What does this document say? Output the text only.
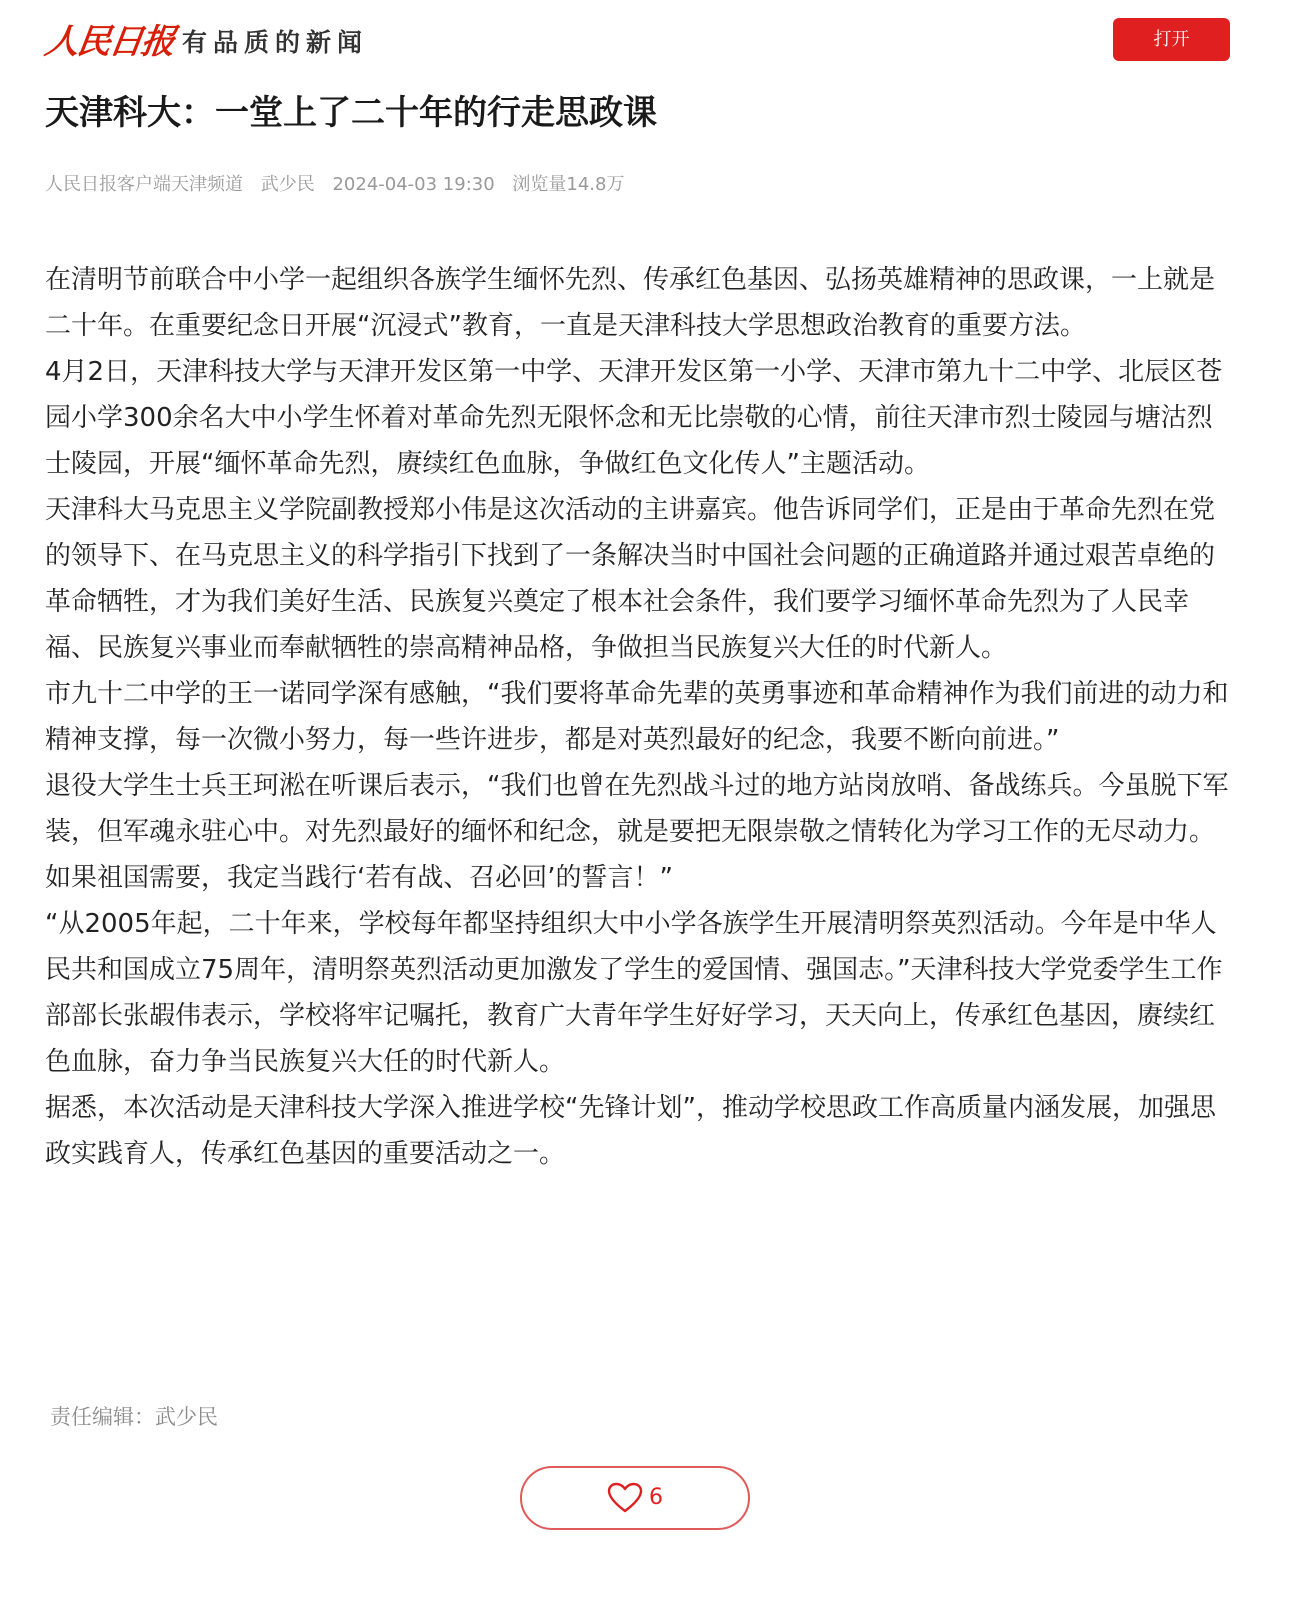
人民日报 有品质的新闻	打开
天津科大：一堂上了二十年的行走思政课
人民日报客户端天津频道 武少民 2024-04-03 19:30 浏览量14.8万

在清明节前联合中小学一起组织各族学生缅怀先烈、传承红色基因、弘扬英雄精神的思政课，一上就是二十年。在重要纪念日开展“沉浸式”教育，一直是天津科技大学思想政治教育的重要方法。

4月2日，天津科技大学与天津开发区第一中学、天津开发区第一小学、天津市第九十二中学、北辰区苍园小学300余名大中小学生怀着对革命先烈无限怀念和无比崇敬的心情，前往天津市烈士陵园与塘沽烈士陵园，开展“缅怀革命先烈，赓续红色血脉，争做红色文化传人”主题活动。

天津科大马克思主义学院副教授郑小伟是这次活动的主讲嘉宾。他告诉同学们，正是由于革命先烈在党的领导下、在马克思主义的科学指引下找到了一条解决当时中国社会问题的正确道路并通过艰苦卓绝的革命牺牲，才为我们美好生活、民族复兴奠定了根本社会条件，我们要学习缅怀革命先烈为了人民幸福、民族复兴事业而奉献牺牲的崇高精神品格，争做担当民族复兴大任的时代新人。

市九十二中学的王一诺同学深有感触，“我们要将革命先辈的英勇事迹和革命精神作为我们前进的动力和精神支撑，每一次微小努力，每一些许进步，都是对英烈最好的纪念，我要不断向前进。”

退役大学生士兵王珂淞在听课后表示，“我们也曾在先烈战斗过的地方站岗放哨、备战练兵。今虽脱下军装，但军魂永驻心中。对先烈最好的缅怀和纪念，就是要把无限崇敬之情转化为学习工作的无尽动力。如果祖国需要，我定当践行‘若有战、召必回’的誓言！”

“从2005年起，二十年来，学校每年都坚持组织大中小学各族学生开展清明祭英烈活动。今年是中华人民共和国成立75周年，清明祭英烈活动更加激发了学生的爱国情、强国志。”天津科技大学党委学生工作部部长张嘏伟表示，学校将牢记嘱托，教育广大青年学生好好学习，天天向上，传承红色基因，赓续红色血脉，奋力争当民族复兴大任的时代新人。

据悉，本次活动是天津科技大学深入推进学校“先锋计划”，推动学校思政工作高质量内涵发展，加强思政实践育人，传承红色基因的重要活动之一。

责任编辑：武少民
6
